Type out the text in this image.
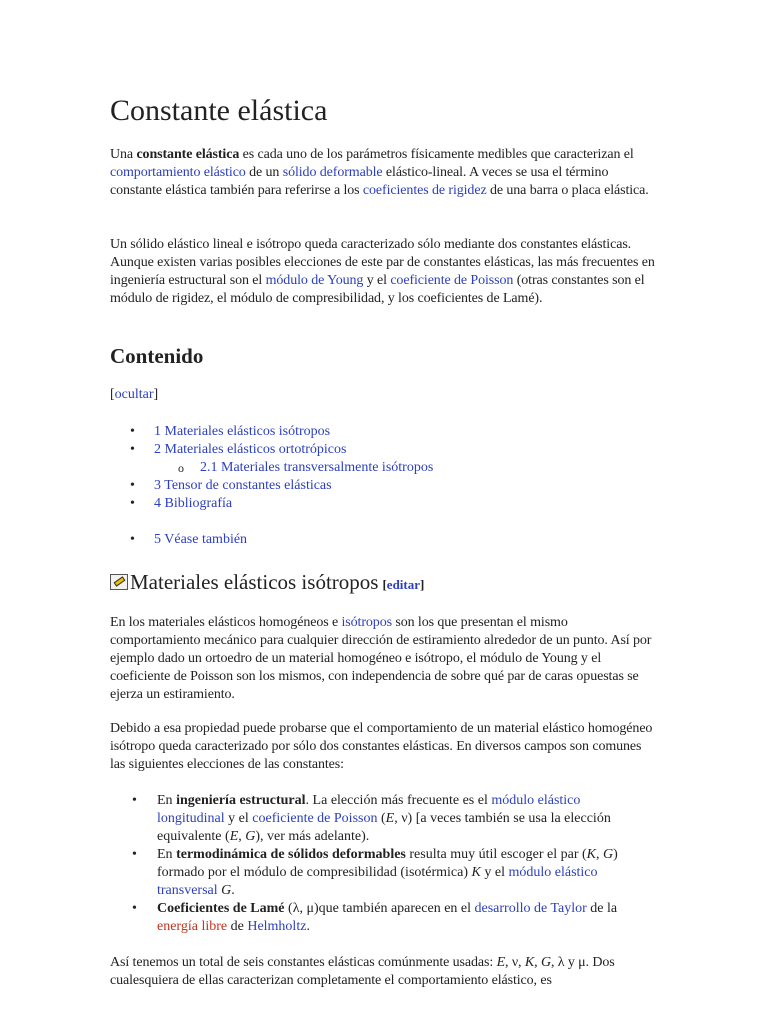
Constante elástica

Una constante elástica es cada uno de los parámetros físicamente medibles que caracterizan el comportamiento elástico de un sólido deformable elástico-lineal. A veces se usa el término constante elástica también para referirse a los coeficientes de rigidez de una barra o placa elástica.

Un sólido elástico lineal e isótropo queda caracterizado sólo mediante dos constantes elásticas. Aunque existen varias posibles elecciones de este par de constantes elásticas, las más frecuentes en ingeniería estructural son el módulo de Young y el coeficiente de Poisson (otras constantes son el módulo de rigidez, el módulo de compresibilidad, y los coeficientes de Lamé).

Contenido
[ocultar]
• 1 Materiales elásticos isótropos
• 2 Materiales elásticos ortotrópicos
o 2.1 Materiales transversalmente isótropos
• 3 Tensor de constantes elásticas
• 4 Bibliografía
• 5 Véase también
Materiales elásticos isótropos [editar]

En los materiales elásticos homogéneos e isótropos son los que presentan el mismo comportamiento mecánico para cualquier dirección de estiramiento alrededor de un punto. Así por ejemplo dado un ortoedro de un material homogéneo e isótropo, el módulo de Young y el coeficiente de Poisson son los mismos, con independencia de sobre qué par de caras opuestas se ejerza un estiramiento.

Debido a esa propiedad puede probarse que el comportamiento de un material elástico homogéneo isótropo queda caracterizado por sólo dos constantes elásticas. En diversos campos son comunes las siguientes elecciones de las constantes:

• En ingeniería estructural. La elección más frecuente es el módulo elástico longitudinal y el coeficiente de Poisson (E, ν) [a veces también se usa la elección equivalente (E, G), ver más adelante).
• En termodinámica de sólidos deformables resulta muy útil escoger el par (K, G) formado por el módulo de compresibilidad (isotérmica) K y el módulo elástico transversal G.
• Coeficientes de Lamé (λ, μ)que también aparecen en el desarrollo de Taylor de la energía libre de Helmholtz.

Así tenemos un total de seis constantes elásticas comúnmente usadas: E, ν, K, G, λ y μ. Dos cualesquiera de ellas caracterizan completamente el comportamiento elástico, es
